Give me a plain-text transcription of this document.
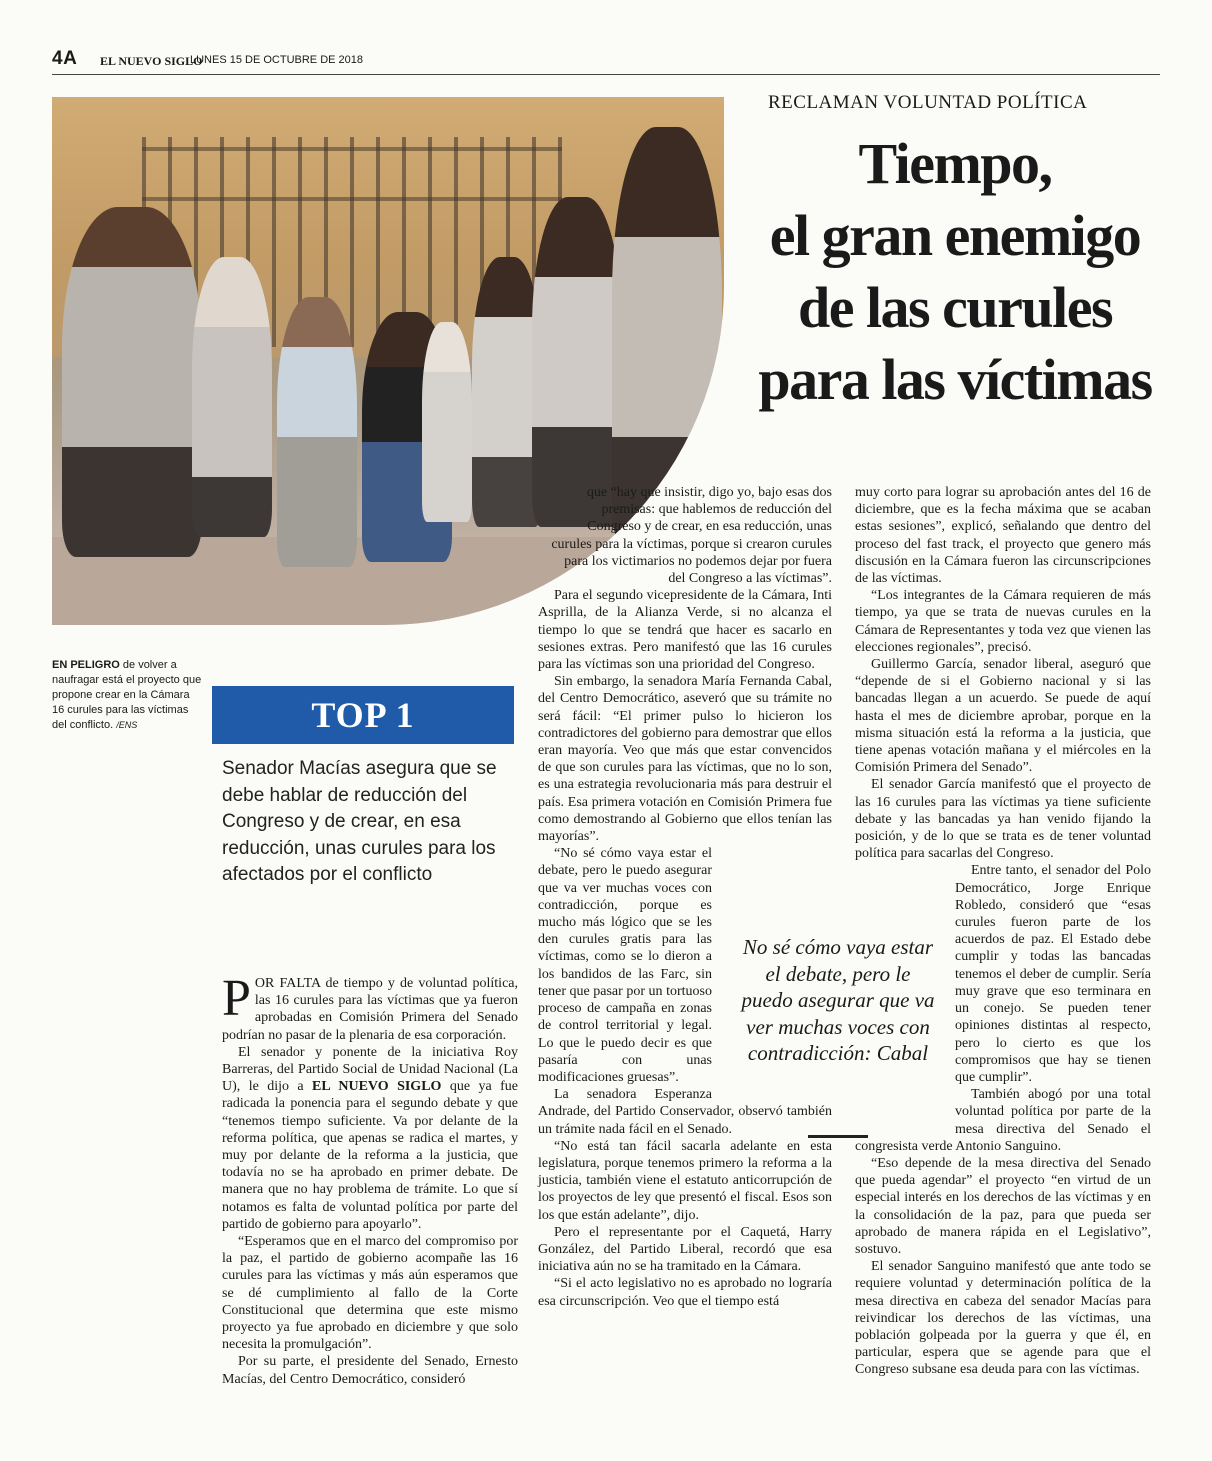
4A EL NUEVO SIGLO
LUNES 15 DE OCTUBRE DE 2018
RECLAMAN VOLUNTAD POLÍTICA
Tiempo,
el gran enemigo
de las curules
para las víctimas
EN PELIGRO de volver a naufragar está el proyecto que propone crear en la Cámara 16 curules para las víctimas del conflicto. /ENS	TOP 1
Senador Macías asegura que se debe hablar de reducción del Congreso y de crear, en esa reducción, unas curules para los afectados por el conflicto

POR FALTA de tiempo y de voluntad política, las 16 curules para las víctimas que ya fueron aprobadas en Comisión Primera del Senado podrían no pasar de la plenaria de esa corporación.

El senador y ponente de la iniciativa Roy Barreras, del Partido Social de Unidad Nacional (La U), le dijo a EL NUEVO SIGLO que ya fue radicada la ponencia para el segundo debate y que “tenemos tiempo suficiente. Va por delante de la reforma política, que apenas se radica el martes, y muy por delante de la reforma a la justicia, que todavía no se ha aprobado en primer debate. De manera que no hay problema de trámite. Lo que sí notamos es falta de voluntad política por parte del partido de gobierno para apoyarlo”.

“Esperamos que en el marco del compromiso por la paz, el partido de gobierno acompañe las 16 curules para las víctimas y más aún esperamos que se dé cumplimiento al fallo de la Corte Constitucional que determina que este mismo proyecto ya fue aprobado en diciembre y que solo necesita la promulgación”.

Por su parte, el presidente del Senado, Ernesto Macías, del Centro Democrático, consideró

que “hay que insistir, digo yo, bajo esas dos premisas: que hablemos de reducción del Congreso y de crear, en esa reducción, unas curules para la víctimas, porque si crearon curules para los victimarios no podemos dejar por fuera del Congreso a las víctimas”.

Para el segundo vicepresidente de la Cámara, Inti Asprilla, de la Alianza Verde, si no alcanza el tiempo lo que se tendrá que hacer es sacarlo en sesiones extras. Pero manifestó que las 16 curules para las víctimas son una prioridad del Congreso.

Sin embargo, la senadora María Fernanda Cabal, del Centro Democrático, aseveró que su trámite no será fácil: “El primer pulso lo hicieron los contradictores del gobierno para demostrar que ellos eran mayoría. Veo que más que estar convencidos de que son curules para las víctimas, que no lo son, es una estrategia revolucionaria más para destruir el país. Esa primera votación en Comisión Primera fue como demostrando al Gobierno que ellos tenían las mayorías”.

“No sé cómo vaya estar el debate, pero le puedo asegurar que va ver muchas voces con contradicción, porque es mucho más lógico que se les den curules gratis para las víctimas, como se lo dieron a los bandidos de las Farc, sin tener que pasar por un tortuoso proceso de campaña en zonas de control territorial y legal. Lo que le puedo decir es que pasaría con unas modificaciones gruesas”.

La senadora Esperanza Andrade, del Partido Conservador, observó también un trámite nada fácil en el Senado.

“No está tan fácil sacarla adelante en esta legislatura, porque tenemos primero la reforma a la justicia, también viene el estatuto anticorrupción de los proyectos de ley que presentó el fiscal. Esos son los que están adelante”, dijo.

Pero el representante por el Caquetá, Harry González, del Partido Liberal, recordó que esa iniciativa aún no se ha tramitado en la Cámara.

“Si el acto legislativo no es aprobado no lograría esa circunscripción. Veo que el tiempo está

muy corto para lograr su aprobación antes del 16 de diciembre, que es la fecha máxima que se acaban estas sesiones”, explicó, señalando que dentro del proceso del fast track, el proyecto que genero más discusión en la Cámara fueron las circunscripciones de las víctimas.

“Los integrantes de la Cámara requieren de más tiempo, ya que se trata de nuevas curules en la Cámara de Representantes y toda vez que vienen las elecciones regionales”, precisó.

Guillermo García, senador liberal, aseguró que “depende de si el Gobierno nacional y si las bancadas llegan a un acuerdo. Se puede de aquí hasta el mes de diciembre aprobar, porque en la misma situación está la reforma a la justicia, que tiene apenas votación mañana y el miércoles en la Comisión Primera del Senado”.

El senador García manifestó que el proyecto de las 16 curules para las víctimas ya tiene suficiente debate y las bancadas ya han venido fijando la posición, y de lo que se trata es de tener voluntad política para sacarlas del Congreso.

Entre tanto, el senador del Polo Democrático, Jorge Enrique Robledo, consideró que “esas curules fueron parte de los acuerdos de paz. El Estado debe cumplir y todas las bancadas tenemos el deber de cumplir. Sería muy grave que eso terminara en un conejo. Se pueden tener opiniones distintas al respecto, pero lo cierto es que los compromisos que hay se tienen que cumplir”.

También abogó por una total voluntad política por parte de la mesa directiva del Senado el congresista verde Antonio Sanguino.

“Eso depende de la mesa directiva del Senado que pueda agendar” el proyecto “en virtud de un especial interés en los derechos de las víctimas y en la consolidación de la paz, para que pueda ser aprobado de manera rápida en el Legislativo”, sostuvo.

El senador Sanguino manifestó que ante todo se requiere voluntad y determinación política de la mesa directiva en cabeza del senador Macías para reivindicar los derechos de las víctimas, una población golpeada por la guerra y que él, en particular, espera que se agende para que el Congreso subsane esa deuda para con las víctimas.

No sé cómo vaya estar el debate, pero le puedo asegurar que va ver muchas voces con contradicción: Cabal
